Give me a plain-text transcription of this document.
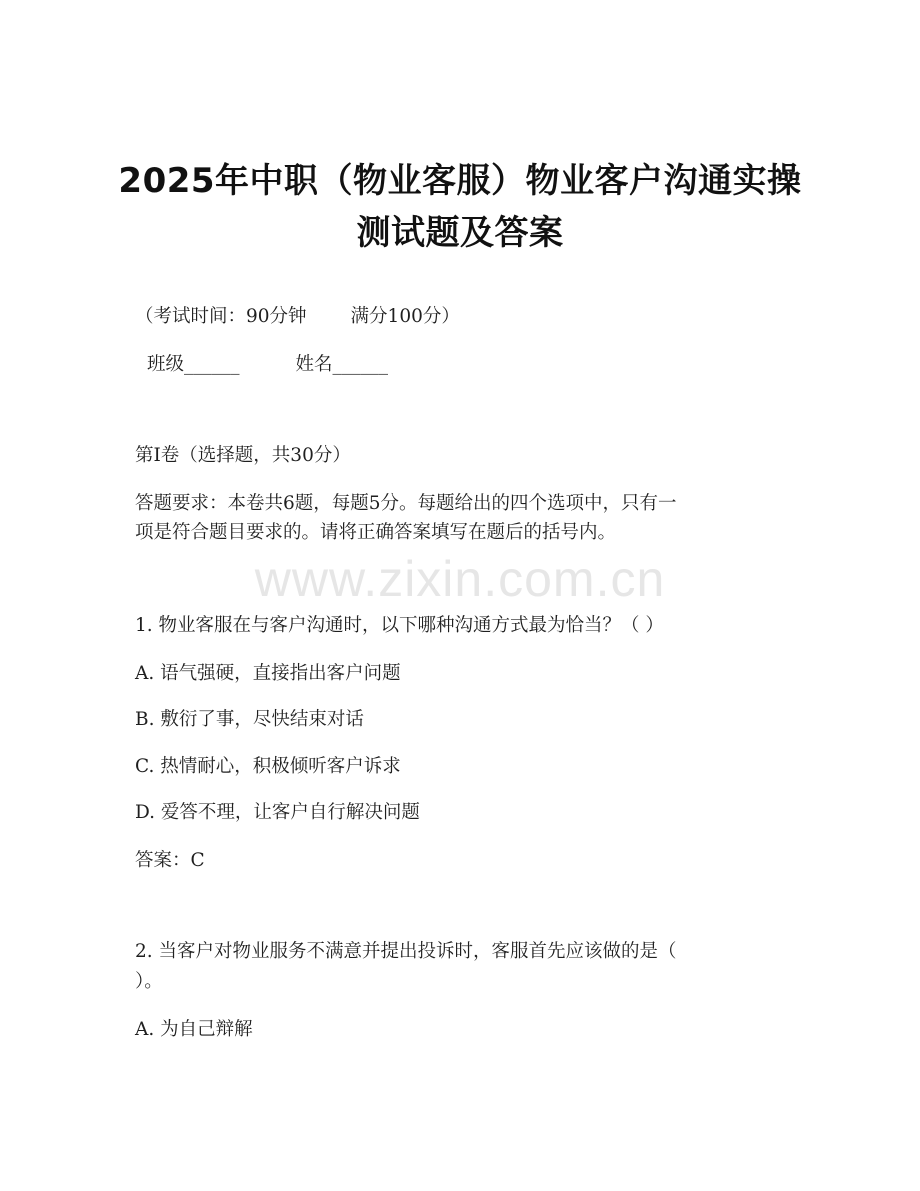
www.zixin.com.cn
2025年中职（物业客服）物业客户沟通实操
测试题及答案
（考试时间：90分钟 满分100分）
班级______	姓名______
第Ⅰ卷（选择题，共30分）
答题要求：本卷共6题，每题5分。每题给出的四个选项中，只有一
项是符合题目要求的。请将正确答案填写在题后的括号内。
1. 物业客服在与客户沟通时，以下哪种沟通方式最为恰当？（ ）
A. 语气强硬，直接指出客户问题
B. 敷衍了事，尽快结束对话
C. 热情耐心，积极倾听客户诉求
D. 爱答不理，让客户自行解决问题
答案：C
2. 当客户对物业服务不满意并提出投诉时，客服首先应该做的是（
）。
A. 为自己辩解
